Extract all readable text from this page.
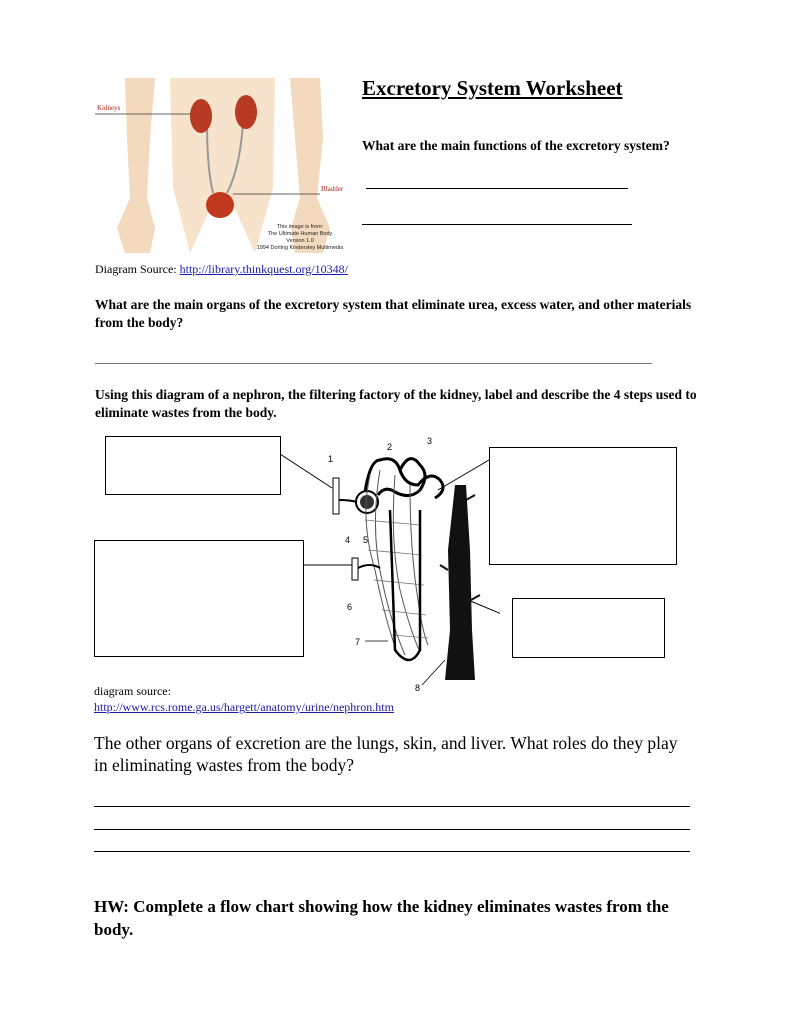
Kidneys
Bladder
This image is from:
The Ultimate Human Body
Version 1.0
1994 Dorling Kindersley Multimedia
Excretory System Worksheet
What are the main functions of the excretory system?
Diagram Source: http://library.thinkquest.org/10348/
What are the main organs of the excretory system that eliminate urea, excess water, and other materials from the body?
Using this diagram of a nephron, the filtering factory of the kidney, label and describe the 4 steps used to eliminate wastes from the body.
1
2
3
4 5
6
7
8
diagram source:
http://www.rcs.rome.ga.us/hargett/anatomy/urine/nephron.htm
The other organs of excretion are the lungs, skin, and liver. What roles do they play in eliminating wastes from the body?
HW: Complete a flow chart showing how the kidney eliminates wastes from the body.
